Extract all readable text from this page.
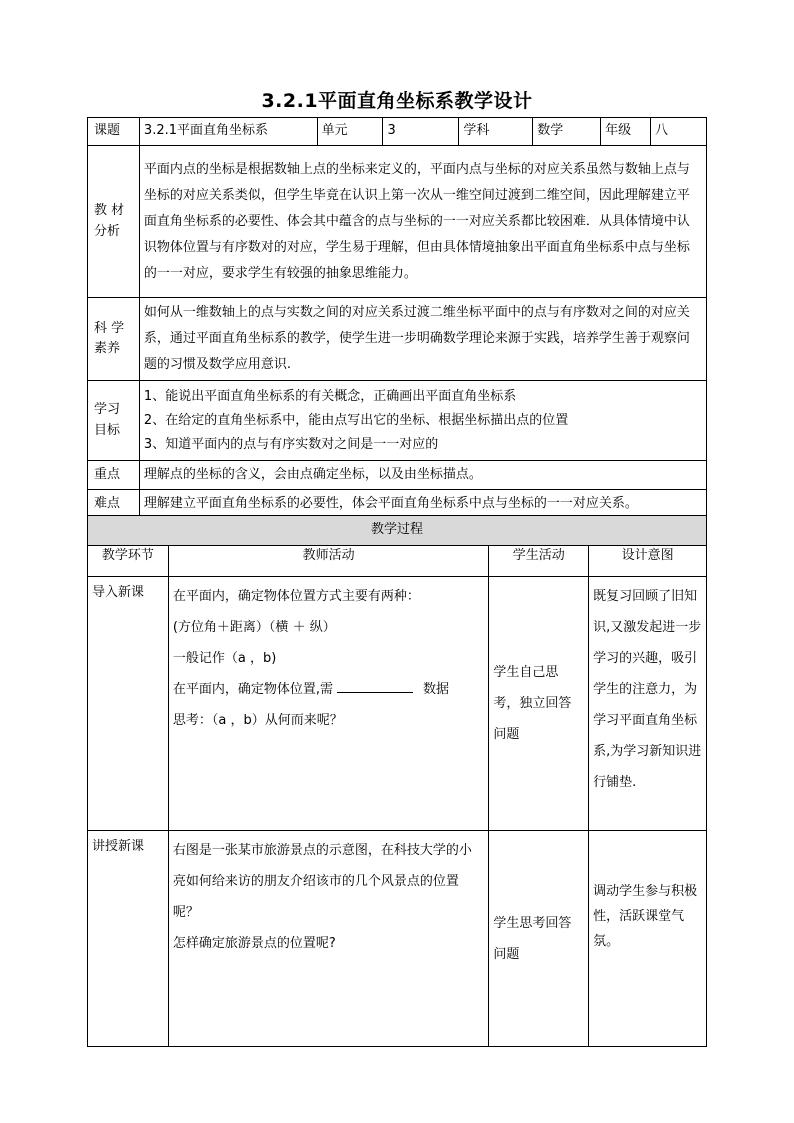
3.2.1平面直角坐标系教学设计
课题	3.2.1平面直角坐标系	单元	3	学科	数学	年级	八

教 材
分析	平面内点的坐标是根据数轴上点的坐标来定义的，平面内点与坐标的对应关系虽然与数轴上点与坐标的对应关系类似，但学生毕竟在认识上第一次从一维空间过渡到二维空间，因此理解建立平面直角坐标系的必要性、体会其中蕴含的点与坐标的一一对应关系都比较困难．从具体情境中认识物体位置与有序数对的对应，学生易于理解，但由具体情境抽象出平面直角坐标系中点与坐标的一一对应，要求学生有较强的抽象思维能力。						

科 学
素养	如何从一维数轴上的点与实数之间的对应关系过渡二维坐标平面中的点与有序数对之间的对应关系，通过平面直角坐标系的教学，使学生进一步明确数学理论来源于实践，培养学生善于观察问题的习惯及数学应用意识.						

学习
目标	1、能说出平面直角坐标系的有关概念，正确画出平面直角坐标系
2、在给定的直角坐标系中，能由点写出它的坐标、根据坐标描出点的位置
3、知道平面内的点与有序实数对之间是一一对应的						

重点	理解点的坐标的含义，会由点确定坐标，以及由坐标描点。						
难点	理解建立平面直角坐标系的必要性，体会平面直角坐标系中点与坐标的一一对应关系。						
教学过程			
教学环节	教师活动	学生活动	设计意图
导入新课	在平面内，确定物体位置方式主要有两种：
(方位角＋距离）（横 ＋ 纵）
一般记作（a ，b)
在平面内，确定物体位置,需 数据
思考：（a ，b）从何而来呢？	学生自己思考，独立回答问题	既复习回顾了旧知识,又激发起进一步学习的兴趣，吸引学生的注意力，为学习平面直角坐标系,为学习新知识进行铺垫.
讲授新课	右图是一张某市旅游景点的示意图，在科技大学的小亮如何给来访的朋友介绍该市的几个风景点的位置呢？
怎样确定旅游景点的位置呢?	学生思考回答问题	调动学生参与积极性，活跃课堂气氛。
